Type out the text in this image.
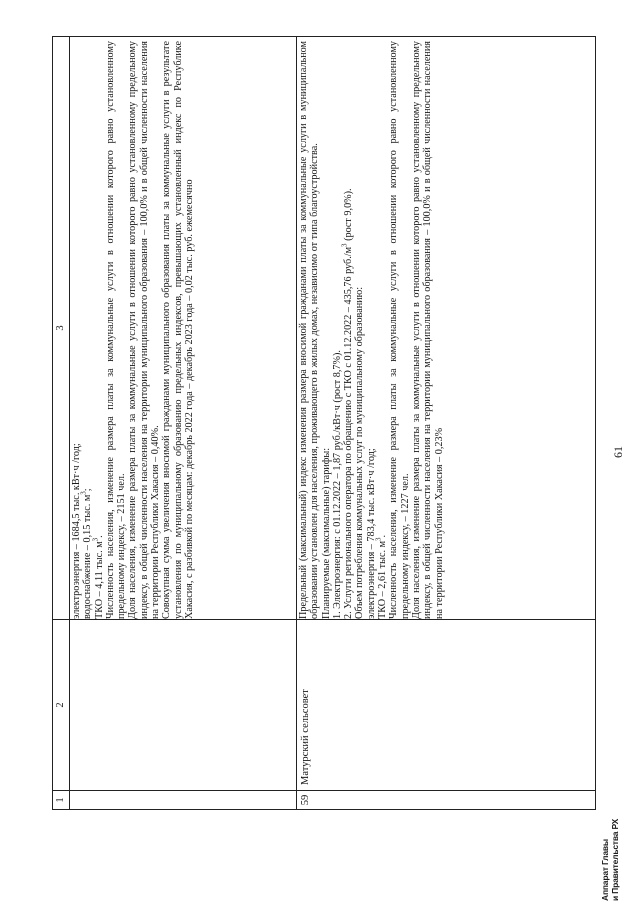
61
Аппарат Главы и Правительства РХ
1
2
3

электроэнергия – 1684,5 тыс. кВт·ч /год; водоснабжение – 0,15 тыс. $м^3$;

ТКО – 4,11 тыс. $м^3$. Численность населения, изменение размера платы за коммунальные услуги в отношении которого равно установленному предельному индексу, – 2151 чел. Доля населения, изменение размера платы за коммунальные услуги в отношении которого равно установленному предельному индексу, в общей численности населения на территории муниципального образования – 100,0% и в общей численности населения на территории Республики Хакасия – 0,40%. Совокупная сумма увеличения вносимой гражданами муниципального образования платы за коммунальные услуги в результате установления по муниципальному образованию предельных индексов, превышающих установленный индекс по Республике Хакасия, с разбивкой по месяцам: декабрь 2022 года – декабрь 2023 года – 0,02 тыс. руб. ежемесячно

59
Матурский сельсовет

Предельный (максимальный) индекс изменения размера вносимой гражданами платы за коммунальные услуги в муниципальном образовании установлен для населения, проживающего в жилых домах, независимо от типа благоустройства. Планируемые (максимальные) тарифы: 1. Электроэнергия: с 01.12.2022 – 1,87 руб./кВт·ч (рост 8,7%). 2. Услуги регионального оператора по обращению с ТКО с 01.12.2022 – 435,76 $руб./м^3$ (рост 9,0%).

Объем потребления коммунальных услуг по муниципальному образованию: электроэнергия – 783,4 тыс. кВт·ч /год; ТКО – 2,61 тыс. $м^3$. Численность населения, изменение размера платы за коммунальные услуги в отношении которого равно установленному предельному индексу, – 1227 чел. Доля населения, изменение размера платы за коммунальные услуги в отношении которого равно установленному предельному индексу, в общей численности населения на территории муниципального образования – 100,0% и в общей численности населения на территории Республики Хакасия – 0,23%
